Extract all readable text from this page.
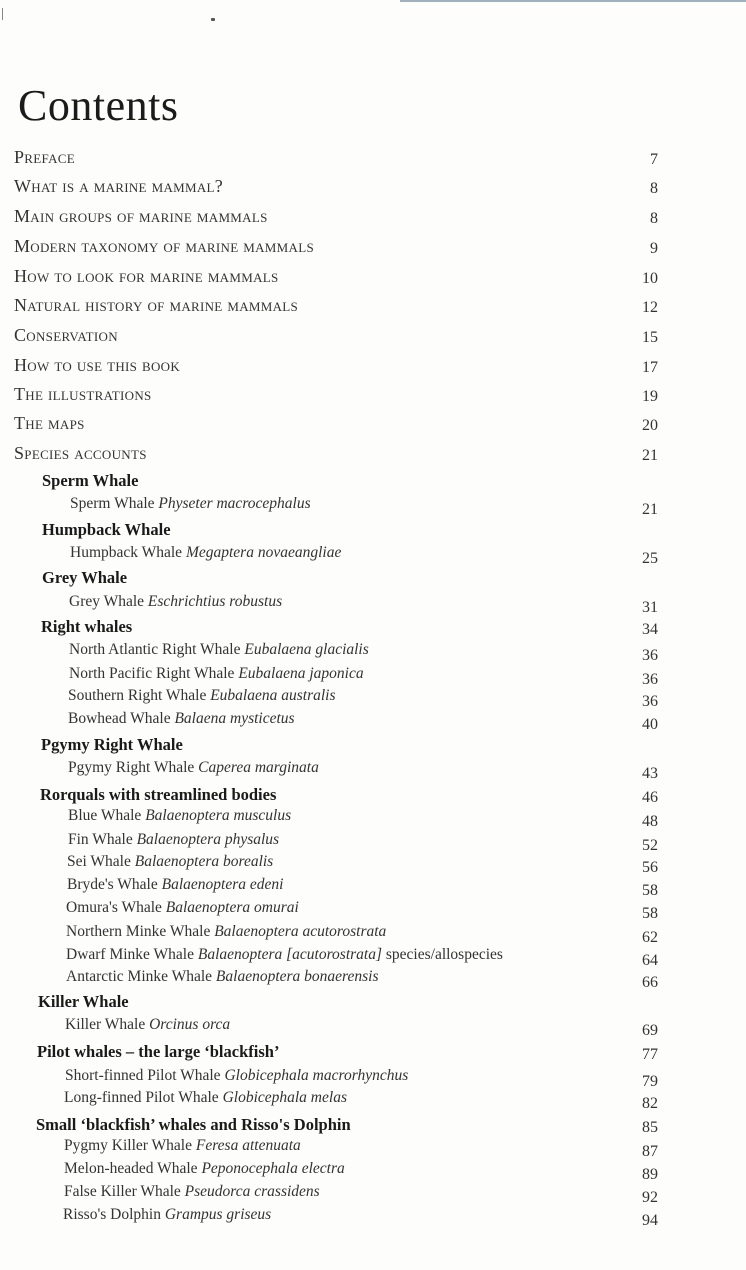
Contents
Preface	7
What is a marine mammal?	8
Main groups of marine mammals	8
Modern taxonomy of marine mammals	9
How to look for marine mammals	10
Natural history of marine mammals	12
Conservation	15
How to use this book	17
The illustrations	19
The maps	20
Species accounts	21
Sperm Whale
Sperm Whale Physeter macrocephalus	21
Humpback Whale
Humpback Whale Megaptera novaeangliae	25
Grey Whale
Grey Whale Eschrichtius robustus	31
Right whales	34
North Atlantic Right Whale Eubalaena glacialis	36
North Pacific Right Whale Eubalaena japonica	36
Southern Right Whale Eubalaena australis	36
Bowhead Whale Balaena mysticetus	40
Pgymy Right Whale
Pgymy Right Whale Caperea marginata	43
Rorquals with streamlined bodies	46
Blue Whale Balaenoptera musculus	48
Fin Whale Balaenoptera physalus	52
Sei Whale Balaenoptera borealis	56
Bryde's Whale Balaenoptera edeni	58
Omura's Whale Balaenoptera omurai	58
Northern Minke Whale Balaenoptera acutorostrata	62
Dwarf Minke Whale Balaenoptera [acutorostrata] species/allospecies	64
Antarctic Minke Whale Balaenoptera bonaerensis	66
Killer Whale
Killer Whale Orcinus orca	69
Pilot whales – the large ‘blackfish’	77
Short-finned Pilot Whale Globicephala macrorhynchus	79
Long-finned Pilot Whale Globicephala melas	82
Small ‘blackfish’ whales and Risso's Dolphin	85
Pygmy Killer Whale Feresa attenuata	87
Melon-headed Whale Peponocephala electra	89
False Killer Whale Pseudorca crassidens	92
Risso's Dolphin Grampus griseus	94
